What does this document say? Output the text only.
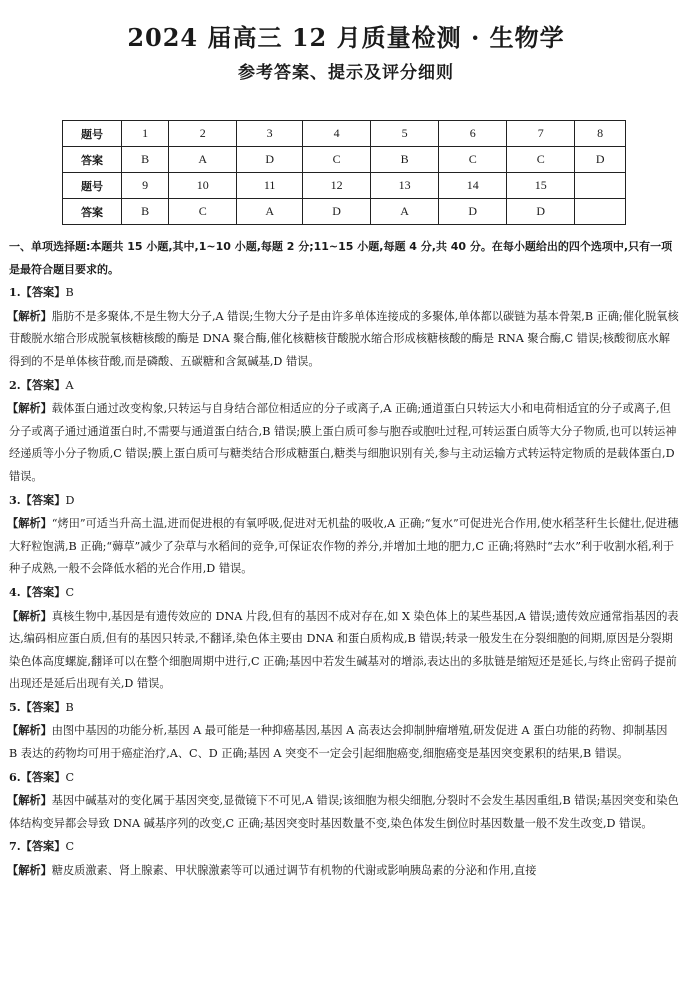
2024 届高三 12 月质量检测 · 生物学
参考答案、提示及评分细则
题号	1	2	3	4	5	6	7	8
答案	B	A	D	C	B	C	C	D
题号	9	10	11	12	13	14	15	
答案	B	C	A	D	A	D	D	
一、单项选择题:本题共 15 小题,其中,1~10 小题,每题 2 分;11~15 小题,每题 4 分,共 40 分。在每小题给出的四个选项中,只有一项是最符合题目要求的。
1.【答案】B
【解析】脂肪不是多聚体,不是生物大分子,A 错误;生物大分子是由许多单体连接成的多聚体,单体都以碳链为基本骨架,B 正确;催化脱氧核苷酸脱水缩合形成脱氧核糖核酸的酶是 DNA 聚合酶,催化核糖核苷酸脱水缩合形成核糖核酸的酶是 RNA 聚合酶,C 错误;核酸彻底水解得到的不是单体核苷酸,而是磷酸、五碳糖和含氮碱基,D 错误。
2.【答案】A
【解析】载体蛋白通过改变构象,只转运与自身结合部位相适应的分子或离子,A 正确;通道蛋白只转运大小和电荷相适宜的分子或离子,但分子或离子通过通道蛋白时,不需要与通道蛋白结合,B 错误;膜上蛋白质可参与胞吞或胞吐过程,可转运蛋白质等大分子物质,也可以转运神经递质等小分子物质,C 错误;膜上蛋白质可与糖类结合形成糖蛋白,糖类与细胞识别有关,参与主动运输方式转运特定物质的是载体蛋白,D 错误。
3.【答案】D
【解析】“烤田”可适当升高土温,进而促进根的有氧呼吸,促进对无机盐的吸收,A 正确;“复水”可促进光合作用,使水稻茎秆生长健壮,促进穗大籽粒饱满,B 正确;“薅草”减少了杂草与水稻间的竞争,可保证农作物的养分,并增加土地的肥力,C 正确;将熟时“去水”利于收割水稻,利于种子成熟,一般不会降低水稻的光合作用,D 错误。
4.【答案】C
【解析】真核生物中,基因是有遗传效应的 DNA 片段,但有的基因不成对存在,如 X 染色体上的某些基因,A 错误;遗传效应通常指基因的表达,编码相应蛋白质,但有的基因只转录,不翻译,染色体主要由 DNA 和蛋白质构成,B 错误;转录一般发生在分裂细胞的间期,原因是分裂期染色体高度螺旋,翻译可以在整个细胞周期中进行,C 正确;基因中若发生碱基对的增添,表达出的多肽链是缩短还是延长,与终止密码子提前出现还是延后出现有关,D 错误。
5.【答案】B
【解析】由图中基因的功能分析,基因 A 最可能是一种抑癌基因,基因 A 高表达会抑制肿瘤增殖,研发促进 A 蛋白功能的药物、抑制基因 B 表达的药物均可用于癌症治疗,A、C、D 正确;基因 A 突变不一定会引起细胞癌变,细胞癌变是基因突变累积的结果,B 错误。
6.【答案】C
【解析】基因中碱基对的变化属于基因突变,显微镜下不可见,A 错误;该细胞为根尖细胞,分裂时不会发生基因重组,B 错误;基因突变和染色体结构变异都会导致 DNA 碱基序列的改变,C 正确;基因突变时基因数量不变,染色体发生倒位时基因数量一般不发生改变,D 错误。
7.【答案】C
【解析】糖皮质激素、肾上腺素、甲状腺激素等可以通过调节有机物的代谢或影响胰岛素的分泌和作用,直接
